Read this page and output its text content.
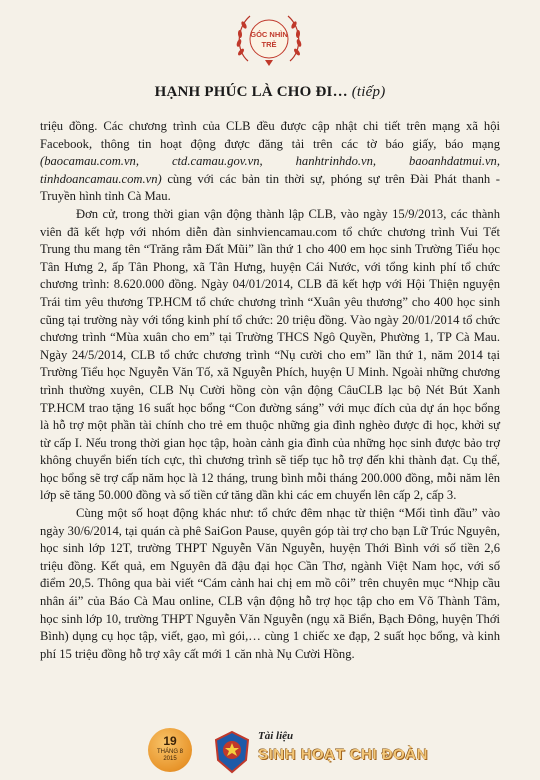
GÓC NHÌN
TRẺ
HẠNH PHÚC LÀ CHO ĐI… (tiếp)

triệu đồng. Các chương trình của CLB đều được cập nhật chi tiết trên mạng xã hội Facebook, thông tin hoạt động được đăng tải trên các tờ báo giấy, báo mạng (baocamau.com.vn, ctd.camau.gov.vn, hanhtrinhdo.vn, baoanhdatmui.vn, tinhdoancamau.com.vn) cùng với các bản tin thời sự, phóng sự trên Đài Phát thanh - Truyền hình tỉnh Cà Mau.

Đơn cử, trong thời gian vận động thành lập CLB, vào ngày 15/9/2013, các thành viên đã kết hợp với nhóm diễn đàn sinhviencamau.com tổ chức chương trình Vui Tết Trung thu mang tên “Trăng rằm Đất Mũi” lần thứ 1 cho 400 em học sinh Trường Tiểu học Tân Hưng 2, ấp Tân Phong, xã Tân Hưng, huyện Cái Nước, với tổng kinh phí tổ chức chương trình: 8.620.000 đồng. Ngày 04/01/2014, CLB đã kết hợp với Hội Thiện nguyện Trái tim yêu thương TP.HCM tổ chức chương trình “Xuân yêu thương” cho 400 học sinh cũng tại trường này với tổng kinh phí tổ chức: 20 triệu đồng. Vào ngày 20/01/2014 tổ chức chương trình “Mùa xuân cho em” tại Trường THCS Ngô Quyền, Phường 1, TP Cà Mau. Ngày 24/5/2014, CLB tổ chức chương trình “Nụ cười cho em” lần thứ 1, năm 2014 tại Trường Tiểu học Nguyễn Văn Tố, xã Nguyễn Phích, huyện U Minh. Ngoài những chương trình thường xuyên, CLB Nụ Cười hồng còn vận động CâuCLB lạc bộ Nét Bút Xanh TP.HCM trao tặng 16 suất học bổng “Con đường sáng” với mục đích của dự án học bổng là hỗ trợ một phần tài chính cho trẻ em thuộc những gia đình nghèo được đi học, khởi sự từ cấp I. Nếu trong thời gian học tập, hoàn cảnh gia đình của những học sinh được bảo trợ không chuyển biến tích cực, thì chương trình sẽ tiếp tục hỗ trợ đến khi thành đạt. Cụ thể, học bổng sẽ trợ cấp năm học là 12 tháng, trung bình mỗi tháng 200.000 đồng, mỗi năm lên lớp sẽ tăng 50.000 đồng và số tiền cứ tăng dần khi các em chuyển lên cấp 2, cấp 3.

Cùng một số hoạt động khác như: tổ chức đêm nhạc từ thiện “Mối tình đầu” vào ngày 30/6/2014, tại quán cà phê SaiGon Pause, quyên góp tài trợ cho bạn Lữ Trúc Nguyên, học sinh lớp 12T, trường THPT Nguyễn Văn Nguyễn, huyện Thới Bình với số tiền 2,6 triệu đồng. Kết quả, em Nguyên đã đậu đại học Cần Thơ, ngành Việt Nam học, với số điểm 20,5. Thông qua bài viết “Cám cảnh hai chị em mồ côi” trên chuyên mục “Nhịp cầu nhân ái” của Báo Cà Mau online, CLB vận động hỗ trợ học tập cho em Võ Thành Tâm, học sinh lớp 10, trường THPT Nguyễn Văn Nguyễn (ngụ xã Biển, Bạch Đông, huyện Thới Bình) dụng cụ học tập, viết, gạo, mì gói,… cùng 1 chiếc xe đạp, 2 suất học bổng, và kinh phí 15 triệu đồng hỗ trợ xây cất mới 1 căn nhà Nụ Cười Hồng.

19
THÁNG 8
2015
Tài liệu
SINH HOẠT CHI ĐOÀN
